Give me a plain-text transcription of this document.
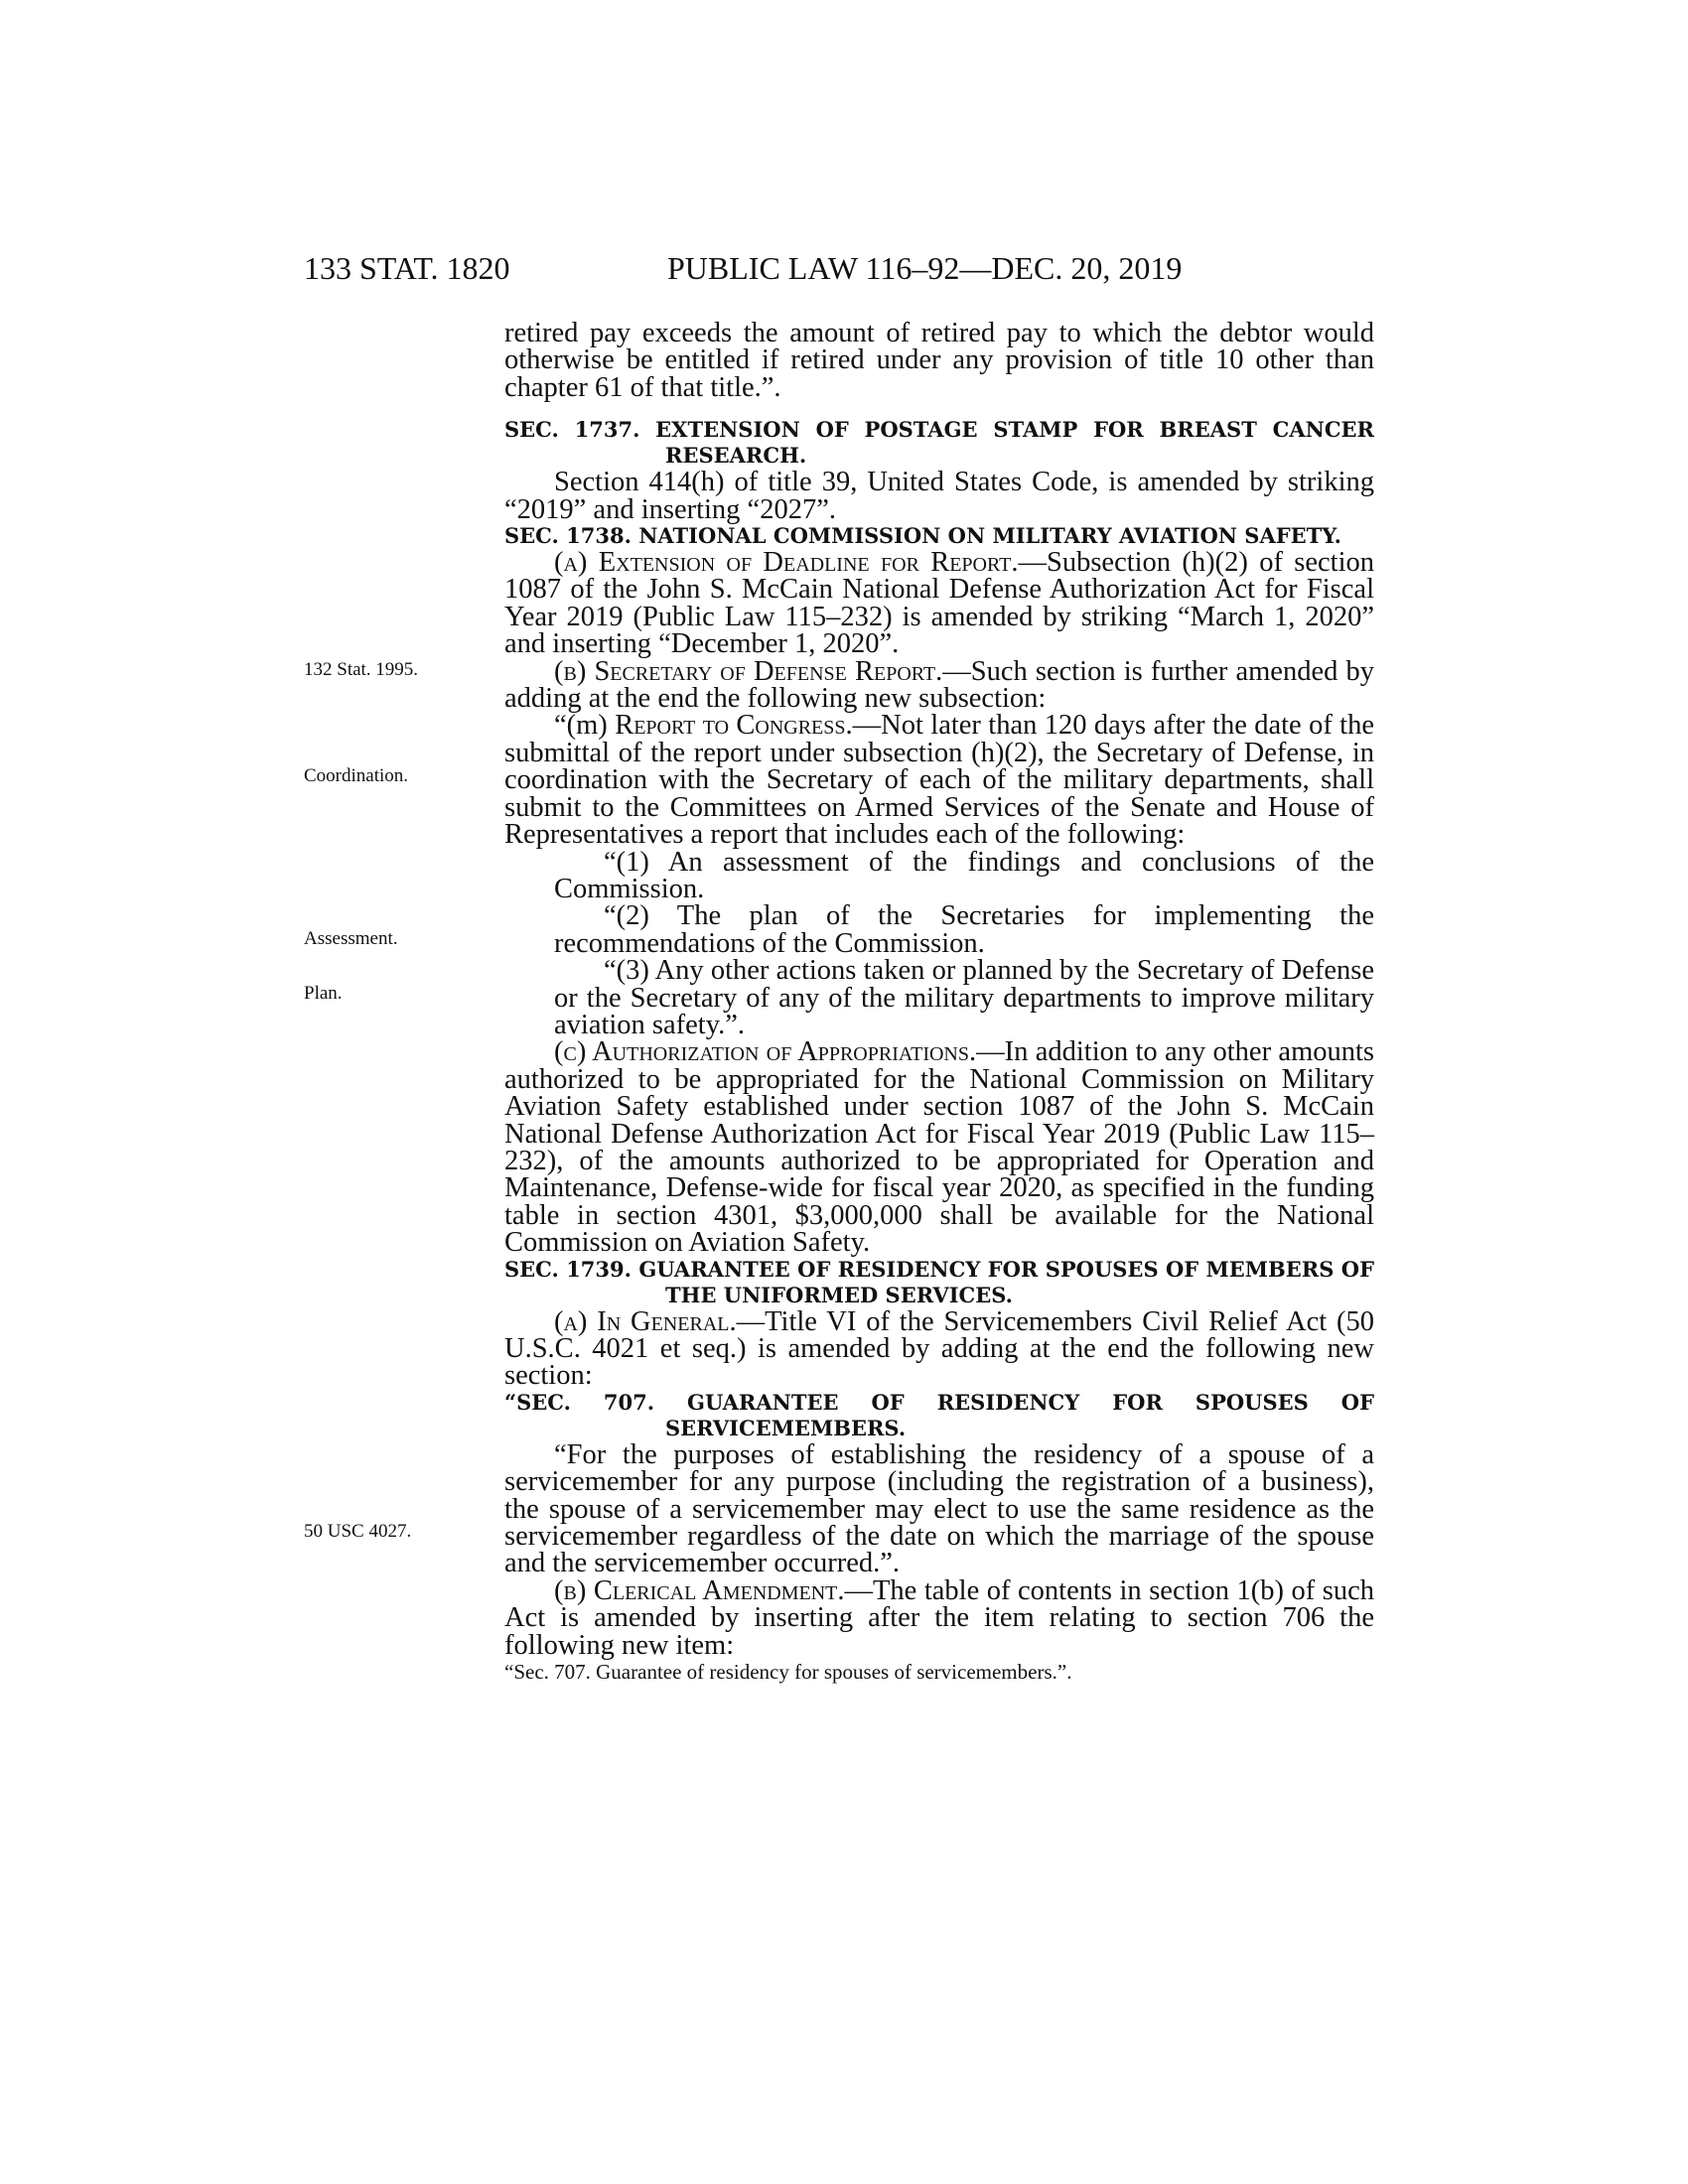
133 STAT. 1820	PUBLIC LAW 116–92—DEC. 20, 2019
132 Stat. 1995.
Coordination.
Assessment.
Plan.
50 USC 4027.

retired pay exceeds the amount of retired pay to which the debtor would otherwise be entitled if retired under any provision of title 10 other than chapter 61 of that title.”.

SEC. 1737. EXTENSION OF POSTAGE STAMP FOR BREAST CANCER RESEARCH.

Section 414(h) of title 39, United States Code, is amended by striking “2019” and inserting “2027”.

SEC. 1738. NATIONAL COMMISSION ON MILITARY AVIATION SAFETY.

(a) Extension of Deadline for Report.—Subsection (h)(2) of section 1087 of the John S. McCain National Defense Authorization Act for Fiscal Year 2019 (Public Law 115–232) is amended by striking “March 1, 2020” and inserting “December 1, 2020”.

(b) Secretary of Defense Report.—Such section is further amended by adding at the end the following new subsection:

“(m) Report to Congress.—Not later than 120 days after the date of the submittal of the report under subsection (h)(2), the Secretary of Defense, in coordination with the Secretary of each of the military departments, shall submit to the Committees on Armed Services of the Senate and House of Representatives a report that includes each of the following:

“(1) An assessment of the findings and conclusions of the Commission.

“(2) The plan of the Secretaries for implementing the recommendations of the Commission.

“(3) Any other actions taken or planned by the Secretary of Defense or the Secretary of any of the military departments to improve military aviation safety.”.

(c) Authorization of Appropriations.—In addition to any other amounts authorized to be appropriated for the National Commission on Military Aviation Safety established under section 1087 of the John S. McCain National Defense Authorization Act for Fiscal Year 2019 (Public Law 115–232), of the amounts authorized to be appropriated for Operation and Maintenance, Defense-wide for fiscal year 2020, as specified in the funding table in section 4301, $3,000,000 shall be available for the National Commission on Aviation Safety.

SEC. 1739. GUARANTEE OF RESIDENCY FOR SPOUSES OF MEMBERS OF THE UNIFORMED SERVICES.

(a) In General.—Title VI of the Servicemembers Civil Relief Act (50 U.S.C. 4021 et seq.) is amended by adding at the end the following new section:

“SEC. 707. GUARANTEE OF RESIDENCY FOR SPOUSES OF SERVICEMEMBERS.

“For the purposes of establishing the residency of a spouse of a servicemember for any purpose (including the registration of a business), the spouse of a servicemember may elect to use the same residence as the servicemember regardless of the date on which the marriage of the spouse and the servicemember occurred.”.

(b) Clerical Amendment.—The table of contents in section 1(b) of such Act is amended by inserting after the item relating to section 706 the following new item:

“Sec. 707. Guarantee of residency for spouses of servicemembers.”.
